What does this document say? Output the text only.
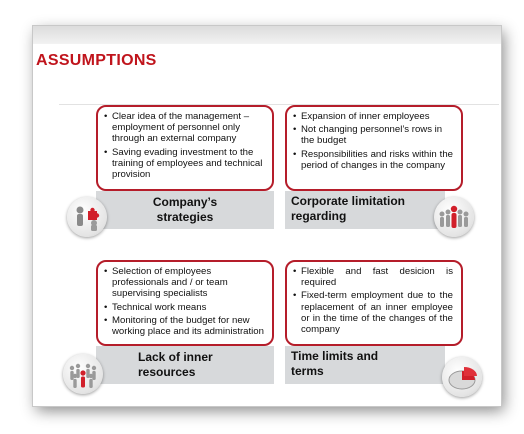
ASSUMPTIONS
• Clear idea of the management – employment of personnel only through an external company
• Saving evading investment to the training of employees and technical provision
Company’s strategies
• Expansion of inner employees
• Not changing personnel’s rows in the budget
• Responsibilities and risks within the period of changes in the company
Corporate limitation regarding
• Selection of employees professionals and / or team supervising specialists
• Technical work means
• Monitoring of the budget for new working place and its administration
Lack of inner resources
• Flexible and fast desicion is required
• Fixed-term employment due to the replacement of an inner employee or in the time of the changes of the company
Time limits and terms
